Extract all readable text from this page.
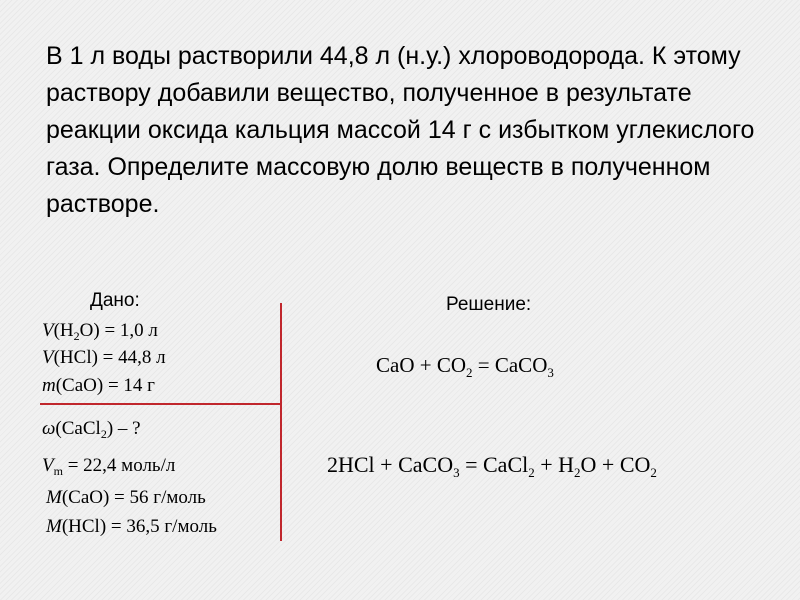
В 1 л воды растворили 44,8 л (н.у.) хлороводорода. К этому раствору добавили вещество, полученное в результате реакции оксида кальция массой 14 г с избытком углекислого газа. Определите массовую долю веществ в полученном растворе.

Дано:	Решение:
$V(H_2O) = 1,0$ л
V(HCl) = 44,8 л
m(CaO) = 14 г
ω(CaCl$_2$) – ?
$V_m = 22,4$ моль/л
M(CaO) = 56 г/моль
M(HCl) = 36,5 г/моль
CaO + $CO_2$ = CaCO$_3$
2HCl + CaCO$_3$ = CaCl$_2$ + $H_2O + CO_2$
